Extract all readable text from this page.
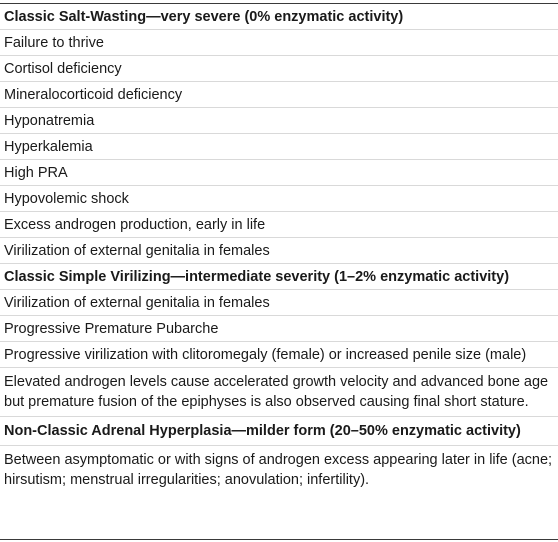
Classic Salt-Wasting—very severe (0% enzymatic activity)
Failure to thrive
Cortisol deficiency
Mineralocorticoid deficiency
Hyponatremia
Hyperkalemia
High PRA
Hypovolemic shock
Excess androgen production, early in life
Virilization of external genitalia in females
Classic Simple Virilizing—intermediate severity (1–2% enzymatic activity)
Virilization of external genitalia in females
Progressive Premature Pubarche
Progressive virilization with clitoromegaly (female) or increased penile size (male)
Elevated androgen levels cause accelerated growth velocity and advanced bone age but premature fusion of the epiphyses is also observed causing final short stature.
Non-Classic Adrenal Hyperplasia—milder form (20–50% enzymatic activity)
Between asymptomatic or with signs of androgen excess appearing later in life (acne; hirsutism; menstrual irregularities; anovulation; infertility).
